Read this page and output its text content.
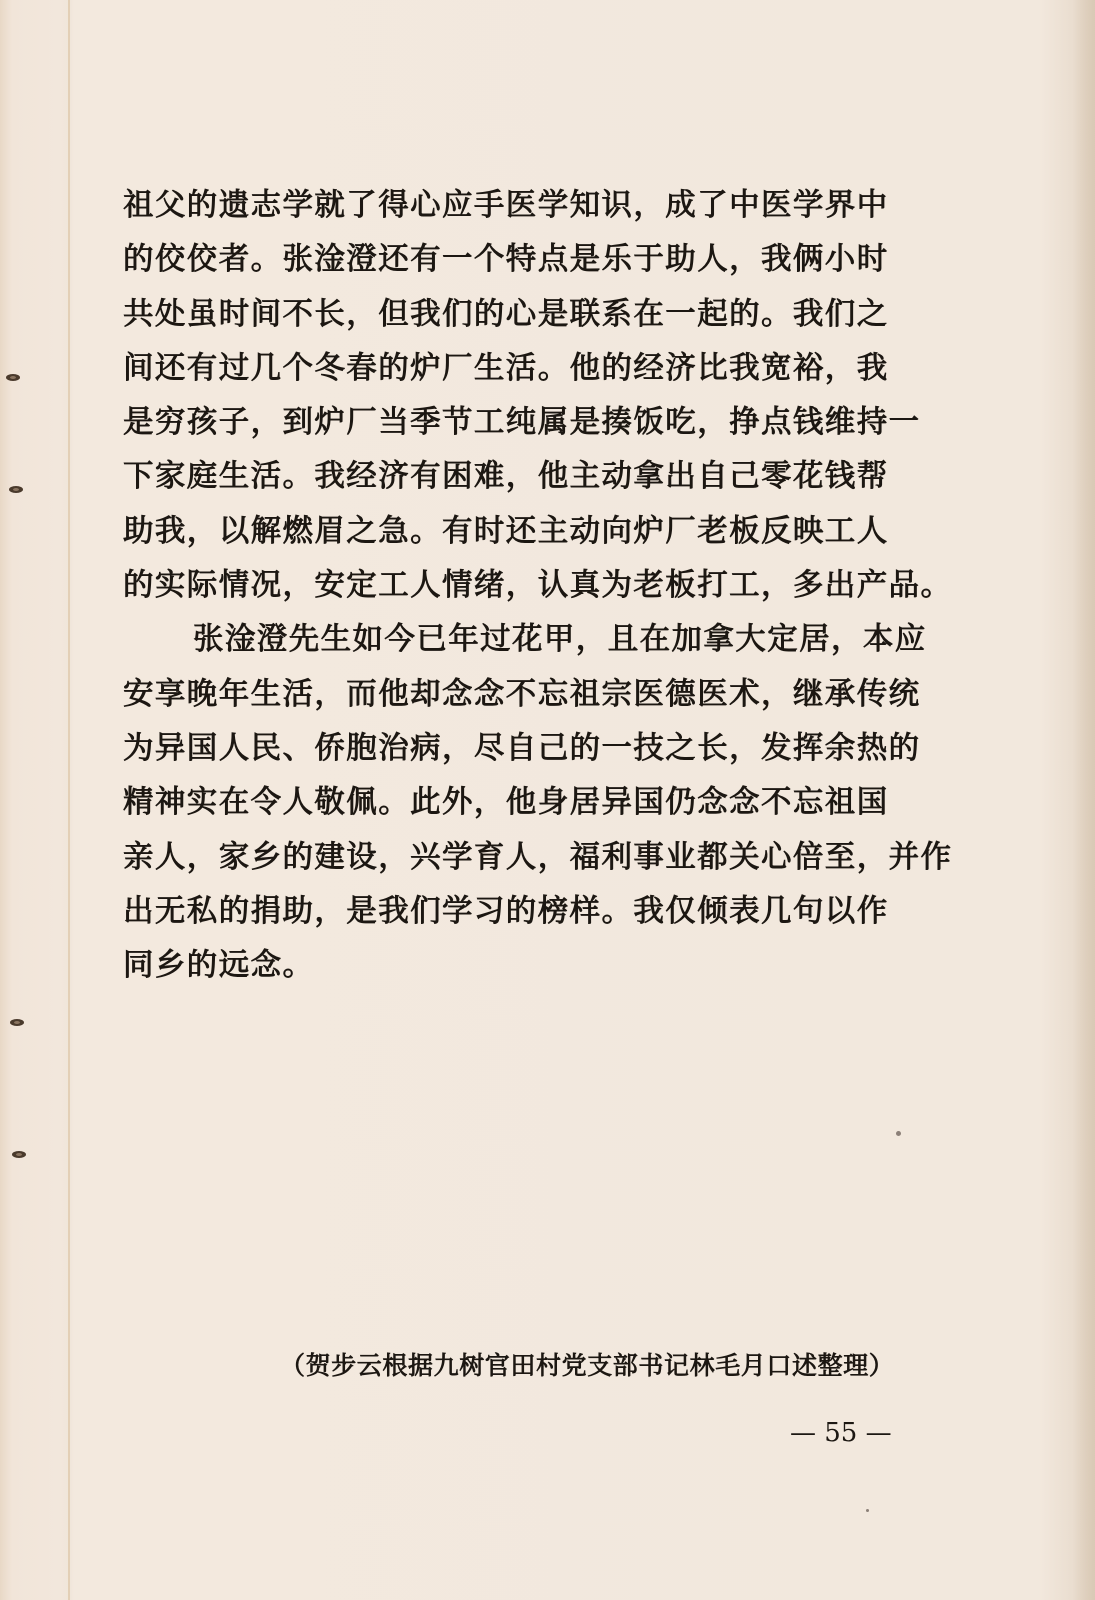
祖父的遗志学就了得心应手医学知识，成了中医学界中
的佼佼者。张淦澄还有一个特点是乐于助人，我俩小时
共处虽时间不长，但我们的心是联系在一起的。我们之
间还有过几个冬春的炉厂生活。他的经济比我宽裕，我
是穷孩子，到炉厂当季节工纯属是揍饭吃，挣点钱维持一
下家庭生活。我经济有困难，他主动拿出自己零花钱帮
助我，以解燃眉之急。有时还主动向炉厂老板反映工人
的实际情况，安定工人情绪，认真为老板打工，多出产品。
张淦澄先生如今已年过花甲，且在加拿大定居，本应
安享晚年生活，而他却念念不忘祖宗医德医术，继承传统
为异国人民、侨胞治病，尽自己的一技之长，发挥余热的
精神实在令人敬佩。此外，他身居异国仍念念不忘祖国
亲人，家乡的建设，兴学育人，福利事业都关心倍至，并作
出无私的捐助，是我们学习的榜样。我仅倾表几句以作
同乡的远念。
（贺步云根据九树官田村党支部书记林毛月口述整理）
— 55 —
